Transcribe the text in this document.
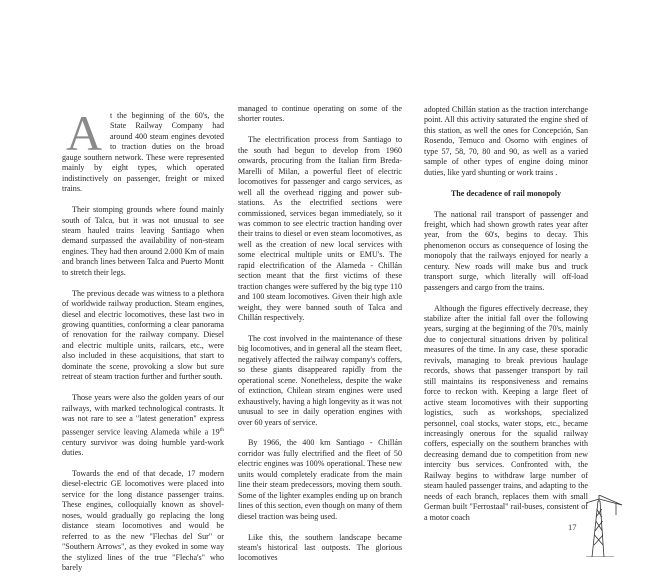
A t the beginning of the 60's, the State Railway Company had around 400 steam engines devoted to traction duties on the broad gauge southern network. These were represented mainly by eight types, which operated indistinctively on passenger, freight or mixed trains.

Their stomping grounds where found mainly south of Talca, but it was not unusual to see steam hauled trains leaving Santiago when demand surpassed the availability of non-steam engines. They had then around 2.000 Km of main and branch lines between Talca and Puerto Montt to stretch their legs.

The previous decade was witness to a plethora of worldwide railway production. Steam engines, diesel and electric locomotives, these last two in growing quantities, conforming a clear panorama of renovation for the railway company. Diesel and electric multiple units, railcars, etc., were also included in these acquisitions, that start to dominate the scene, provoking a slow but sure retreat of steam traction further and further south.

Those years were also the golden years of our railways, with marked technological contrasts. It was not rare to see a "latest generation" express passenger service leaving Alameda while a 19th century survivor was doing humble yard-work duties.

Towards the end of that decade, 17 modern diesel-electric GE locomotives were placed into service for the long distance passenger trains. These engines, colloquially known as shovel-noses, would gradually go replacing the long distance steam locomotives and would be referred to as the new "Flechas del Sur" or "Southern Arrows", as they evoked in some way the stylized lines of the true "Flecha's" who barely

managed to continue operating on some of the shorter routes.

The electrification process from Santiago to the south had begun to develop from 1960 onwards, procuring from the Italian firm Breda-Marelli of Milan, a powerful fleet of electric locomotives for passenger and cargo services, as well all the overhead rigging and power sub-stations. As the electrified sections were commissioned, services began immediately, so it was common to see electric traction handing over their trains to diesel or even steam locomotives, as well as the creation of new local services with some electrical multiple units or EMU's. The rapid electrification of the Alameda - Chillán section meant that the first victims of these traction changes were suffered by the big type 110 and 100 steam locomotives. Given their high axle weight, they were banned south of Talca and Chillán respectively.

The cost involved in the maintenance of these big locomotives, and in general all the steam fleet, negatively affected the railway company's coffers, so these giants disappeared rapidly from the operational scene. Nonetheless, despite the wake of extinction, Chilean steam engines were used exhaustively, having a high longevity as it was not unusual to see in daily operation engines with over 60 years of service.

By 1966, the 400 km Santiago - Chillán corridor was fully electrified and the fleet of 50 electric engines was 100% operational. These new units would completely eradicate from the main line their steam predecessors, moving them south. Some of the lighter examples ending up on branch lines of this section, even though on many of them diesel traction was being used.

Like this, the southern landscape became steam's historical last outposts. The glorious locomotives

adopted Chillán station as the traction interchange point. All this activity saturated the engine shed of this station, as well the ones for Concepción, San Rosendo, Temuco and Osorno with engines of type 57, 58, 70, 80 and 90, as well as a varied sample of other types of engine doing minor duties, like yard shunting or work trains .

The decadence of rail monopoly

The national rail transport of passenger and freight, which had shown growth rates year after year, from the 60's, begins to decay. This phenomenon occurs as consequence of losing the monopoly that the railways enjoyed for nearly a century. New roads will make bus and truck transport surge, which literally will off-load passengers and cargo from the trains.

Although the figures effectively decrease, they stabilize after the initial fall over the following years, surging at the beginning of the 70's, mainly due to conjectural situations driven by political measures of the time. In any case, these sporadic revivals, managing to break previous haulage records, shows that passenger transport by rail still maintains its responsiveness and remains force to reckon with. Keeping a large fleet of active steam locomotives with their supporting logistics, such as workshops, specialized personnel, coal stocks, water stops, etc., became increasingly onerous for the squalid railway coffers, especially on the southern branches with decreasing demand due to competition from new intercity bus services. Confronted with, the Railway begins to withdraw large number of steam hauled passenger trains, and adapting to the needs of each branch, replaces them with small German built "Ferrostaal" rail-buses, consistent of a motor coach

17
